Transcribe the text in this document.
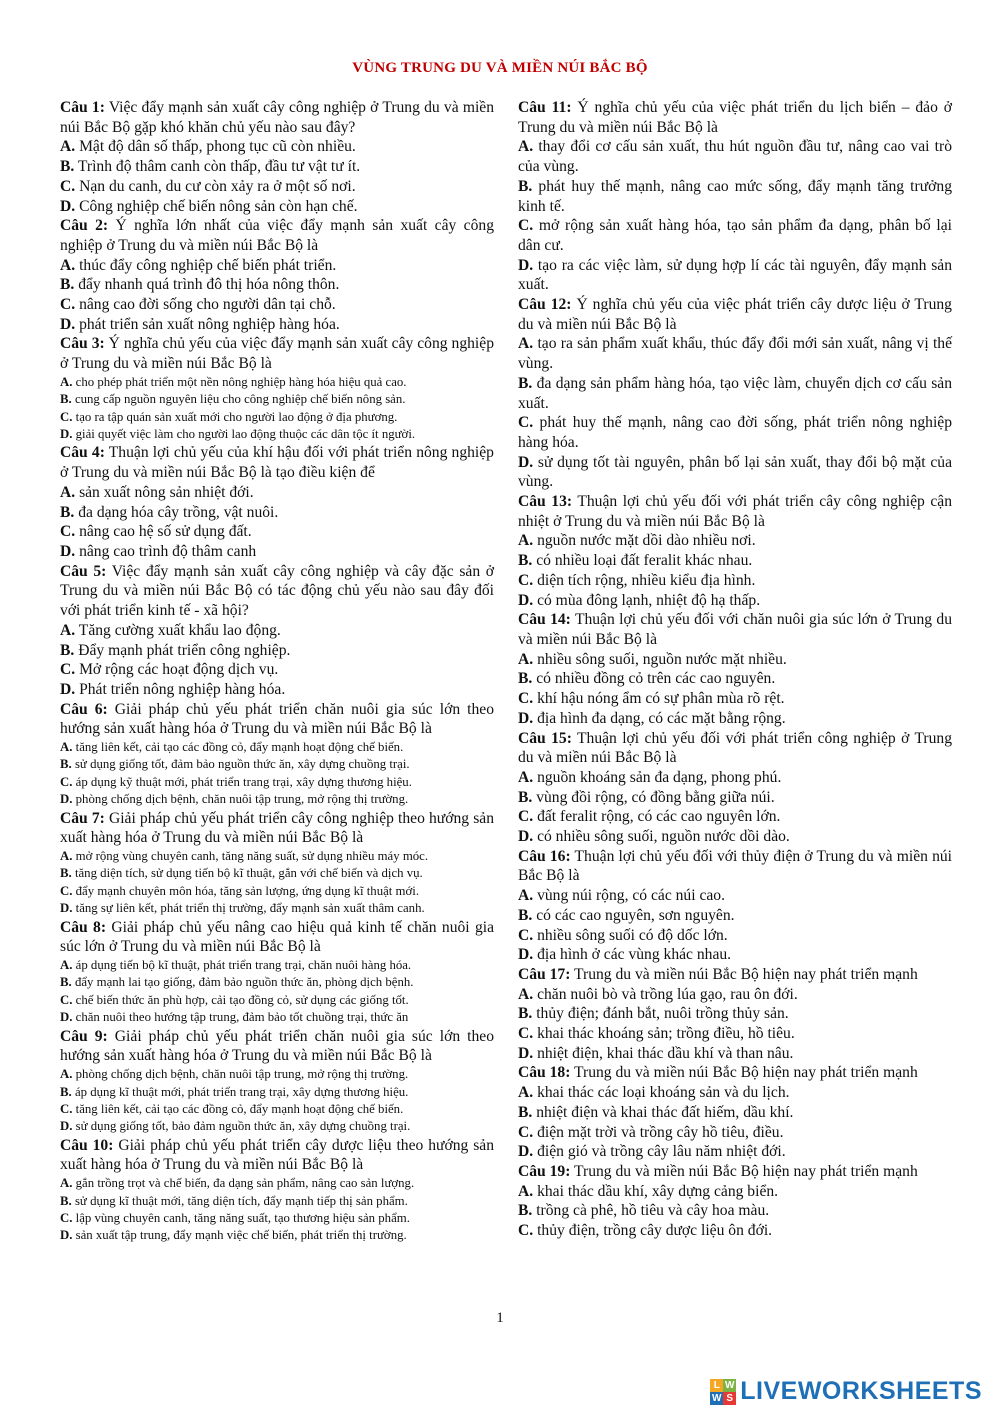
VÙNG TRUNG DU VÀ MIỀN NÚI BẮC BỘ

Câu 1: Việc đẩy mạnh sản xuất cây công nghiệp ở Trung du và miền núi Bắc Bộ gặp khó khăn chủ yếu nào sau đây?

A. Mật độ dân số thấp, phong tục cũ còn nhiều.

B. Trình độ thâm canh còn thấp, đầu tư vật tư ít.

C. Nạn du canh, du cư còn xảy ra ở một số nơi.

D. Công nghiệp chế biến nông sản còn hạn chế.

Câu 2: Ý nghĩa lớn nhất của việc đẩy mạnh sản xuất cây công nghiệp ở Trung du và miền núi Bắc Bộ là

A. thúc đẩy công nghiệp chế biến phát triển.

B. đẩy nhanh quá trình đô thị hóa nông thôn.

C. nâng cao đời sống cho người dân tại chỗ.

D. phát triển sản xuất nông nghiệp hàng hóa.

Câu 3: Ý nghĩa chủ yếu của việc đẩy mạnh sản xuất cây công nghiệp ở Trung du và miền núi Bắc Bộ là

A. cho phép phát triển một nền nông nghiệp hàng hóa hiệu quả cao.

B. cung cấp nguồn nguyên liệu cho công nghiệp chế biến nông sản.

C. tạo ra tập quán sản xuất mới cho người lao động ở địa phương.

D. giải quyết việc làm cho người lao động thuộc các dân tộc ít người.

Câu 4: Thuận lợi chủ yếu của khí hậu đối với phát triển nông nghiệp ở Trung du và miền núi Bắc Bộ là tạo điều kiện để

A. sản xuất nông sản nhiệt đới.

B. đa dạng hóa cây trồng, vật nuôi.

C. nâng cao hệ số sử dụng đất.

D. nâng cao trình độ thâm canh

Câu 5: Việc đẩy mạnh sản xuất cây công nghiệp và cây đặc sản ở Trung du và miền núi Bắc Bộ có tác động chủ yếu nào sau đây đối với phát triển kinh tế - xã hội?

A. Tăng cường xuất khẩu lao động.

B. Đẩy mạnh phát triển công nghiệp.

C. Mở rộng các hoạt động dịch vụ.

D. Phát triển nông nghiệp hàng hóa.

Câu 6: Giải pháp chủ yếu phát triển chăn nuôi gia súc lớn theo hướng sản xuất hàng hóa ở Trung du và miền núi Bắc Bộ là

A. tăng liên kết, cải tạo các đồng cỏ, đẩy mạnh hoạt động chế biến.

B. sử dụng giống tốt, đảm bảo nguồn thức ăn, xây dựng chuồng trại.

C. áp dụng kỹ thuật mới, phát triển trang trại, xây dựng thương hiệu.

D. phòng chống dịch bệnh, chăn nuôi tập trung, mở rộng thị trường.

Câu 7: Giải pháp chủ yếu phát triển cây công nghiệp theo hướng sản xuất hàng hóa ở Trung du và miền núi Bắc Bộ là

A. mở rộng vùng chuyên canh, tăng năng suất, sử dụng nhiều máy móc.

B. tăng diện tích, sử dụng tiến bộ kĩ thuật, gắn với chế biến và dịch vụ.

C. đẩy mạnh chuyên môn hóa, tăng sản lượng, ứng dụng kĩ thuật mới.

D. tăng sự liên kết, phát triển thị trường, đẩy mạnh sản xuất thâm canh.

Câu 8: Giải pháp chủ yếu nâng cao hiệu quả kinh tế chăn nuôi gia súc lớn ở Trung du và miền núi Bắc Bộ là

A. áp dụng tiến bộ kĩ thuật, phát triển trang trại, chăn nuôi hàng hóa.

B. đẩy mạnh lai tạo giống, đảm bảo nguồn thức ăn, phòng dịch bệnh.

C. chế biến thức ăn phù hợp, cải tạo đồng cỏ, sử dụng các giống tốt.

D. chăn nuôi theo hướng tập trung, đảm bảo tốt chuồng trại, thức ăn

Câu 9: Giải pháp chủ yếu phát triển chăn nuôi gia súc lớn theo hướng sản xuất hàng hóa ở Trung du và miền núi Bắc Bộ là

A. phòng chống dịch bệnh, chăn nuôi tập trung, mở rộng thị trường.

B. áp dụng kĩ thuật mới, phát triển trang trại, xây dựng thương hiệu.

C. tăng liên kết, cải tạo các đồng cỏ, đẩy mạnh hoạt động chế biến.

D. sử dụng giống tốt, bảo đảm nguồn thức ăn, xây dựng chuồng trại.

Câu 10: Giải pháp chủ yếu phát triển cây dược liệu theo hướng sản xuất hàng hóa ở Trung du và miền núi Bắc Bộ là

A. gắn trồng trọt và chế biến, đa dạng sản phẩm, nâng cao sản lượng.

B. sử dụng kĩ thuật mới, tăng diện tích, đẩy mạnh tiếp thị sản phẩm.

C. lập vùng chuyên canh, tăng năng suất, tạo thương hiệu sản phẩm.

D. sản xuất tập trung, đẩy mạnh việc chế biến, phát triển thị trường.

Câu 11: Ý nghĩa chủ yếu của việc phát triển du lịch biển – đảo ở Trung du và miền núi Bắc Bộ là

A. thay đổi cơ cấu sản xuất, thu hút nguồn đầu tư, nâng cao vai trò của vùng.

B. phát huy thế mạnh, nâng cao mức sống, đẩy mạnh tăng trưởng kinh tế.

C. mở rộng sản xuất hàng hóa, tạo sản phẩm đa dạng, phân bố lại dân cư.

D. tạo ra các việc làm, sử dụng hợp lí các tài nguyên, đẩy mạnh sản xuất.

Câu 12: Ý nghĩa chủ yếu của việc phát triển cây dược liệu ở Trung du và miền núi Bắc Bộ là

A. tạo ra sản phẩm xuất khẩu, thúc đẩy đổi mới sản xuất, nâng vị thế vùng.

B. đa dạng sản phẩm hàng hóa, tạo việc làm, chuyển dịch cơ cấu sản xuất.

C. phát huy thế mạnh, nâng cao đời sống, phát triển nông nghiệp hàng hóa.

D. sử dụng tốt tài nguyên, phân bố lại sản xuất, thay đổi bộ mặt của vùng.

Câu 13: Thuận lợi chủ yếu đối với phát triển cây công nghiệp cận nhiệt ở Trung du và miền núi Bắc Bộ là

A. nguồn nước mặt dồi dào nhiều nơi.

B. có nhiều loại đất feralit khác nhau.

C. diện tích rộng, nhiều kiểu địa hình.

D. có mùa đông lạnh, nhiệt độ hạ thấp.

Câu 14: Thuận lợi chủ yếu đối với chăn nuôi gia súc lớn ở Trung du và miền núi Bắc Bộ là

A. nhiều sông suối, nguồn nước mặt nhiều.

B. có nhiều đồng cỏ trên các cao nguyên.

C. khí hậu nóng ẩm có sự phân mùa rõ rệt.

D. địa hình đa dạng, có các mặt bằng rộng.

Câu 15: Thuận lợi chủ yếu đối với phát triển công nghiệp ở Trung du và miền núi Bắc Bộ là

A. nguồn khoáng sản đa dạng, phong phú.

B. vùng đồi rộng, có đồng bằng giữa núi.

C. đất feralit rộng, có các cao nguyên lớn.

D. có nhiều sông suối, nguồn nước dồi dào.

Câu 16: Thuận lợi chủ yếu đối với thủy điện ở Trung du và miền núi Bắc Bộ là

A. vùng núi rộng, có các núi cao.

B. có các cao nguyên, sơn nguyên.

C. nhiều sông suối có độ dốc lớn.

D. địa hình ở các vùng khác nhau.

Câu 17: Trung du và miền núi Bắc Bộ hiện nay phát triển mạnh

A. chăn nuôi bò và trồng lúa gạo, rau ôn đới.

B. thủy điện; đánh bắt, nuôi trồng thủy sản.

C. khai thác khoáng sản; trồng điều, hồ tiêu.

D. nhiệt điện, khai thác dầu khí và than nâu.

Câu 18: Trung du và miền núi Bắc Bộ hiện nay phát triển mạnh

A. khai thác các loại khoáng sản và du lịch.

B. nhiệt điện và khai thác đất hiếm, dầu khí.

C. điện mặt trời và trồng cây hồ tiêu, điều.

D. điện gió và trồng cây lâu năm nhiệt đới.

Câu 19: Trung du và miền núi Bắc Bộ hiện nay phát triển mạnh

A. khai thác dầu khí, xây dựng cảng biển.

B. trồng cà phê, hồ tiêu và cây hoa màu.

C. thủy điện, trồng cây dược liệu ôn đới.

1
L W
W S LIVEWORKSHEETS
